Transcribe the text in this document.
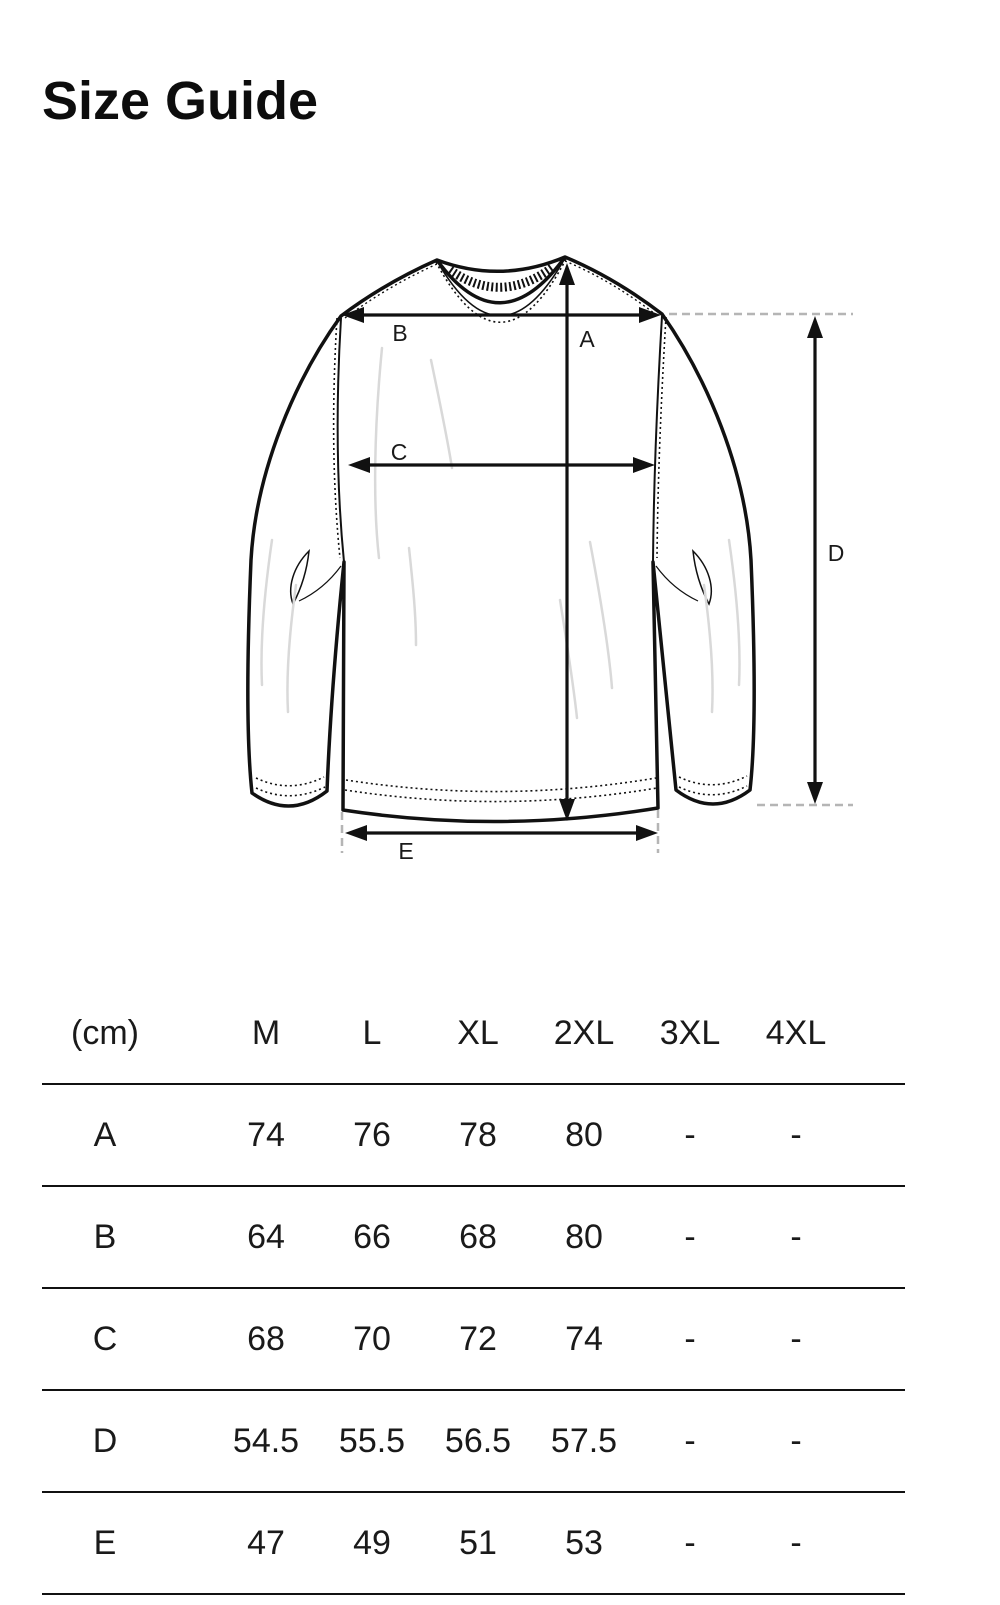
Size Guide
B	A
C
D
E
(cm)	M	L	XL	2XL	3XL	4XL
A	74	76	78	80	-	-
B	64	66	68	80	-	-
C	68	70	72	74	-	-
D	54.5	55.5	56.5	57.5	-	-
E	47	49	51	53	-	-
